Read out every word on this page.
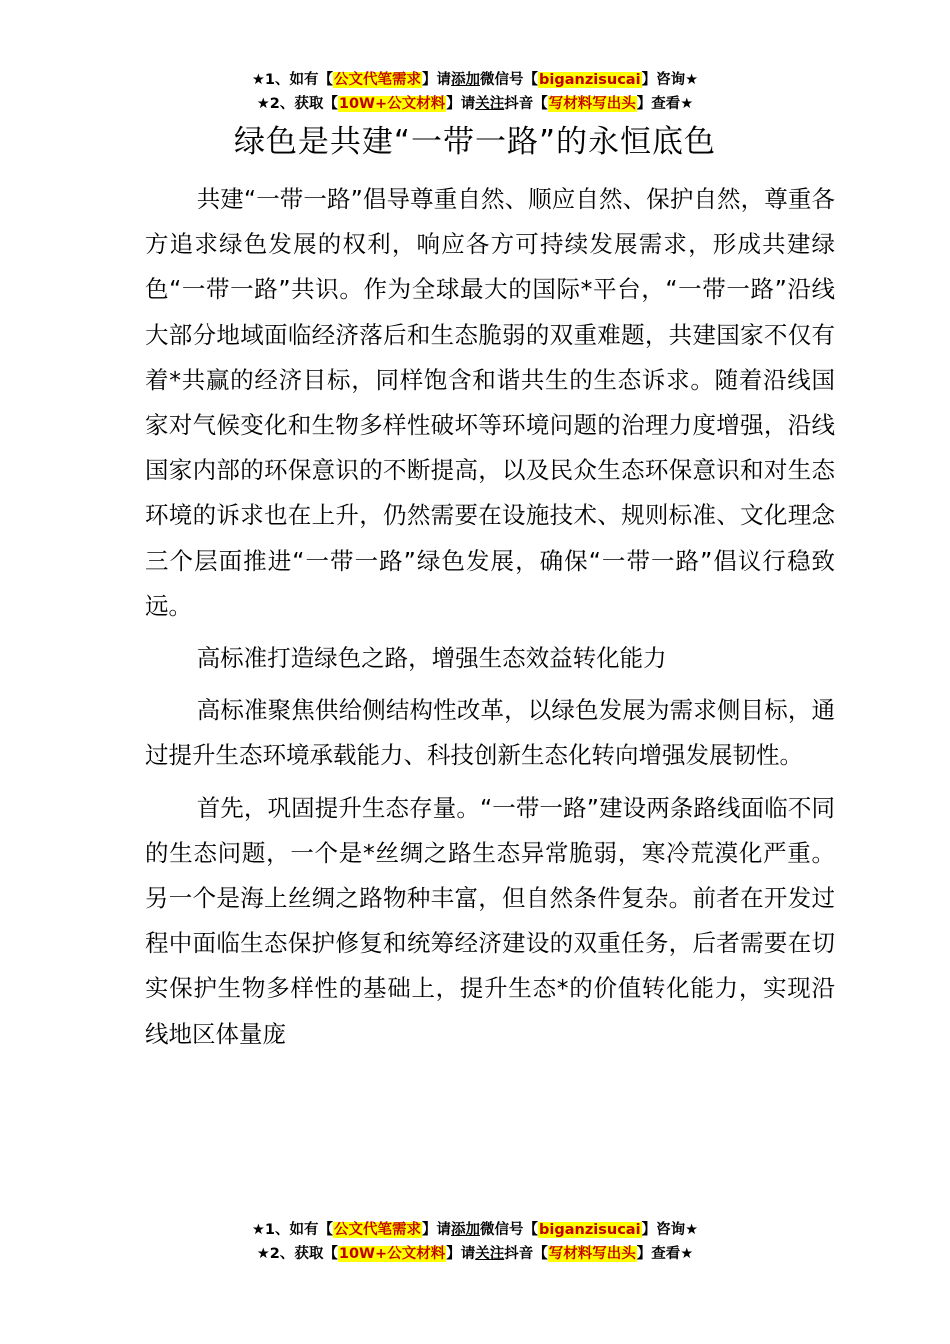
★1、如有【公文代笔需求】请添加微信号【biganzisucai】咨询★
★2、获取【10W+公文材料】请关注抖音【写材料写出头】查看★
绿色是共建“一带一路”的永恒底色

共建“一带一路”倡导尊重自然、顺应自然、保护自然，尊重各方追求绿色发展的权利，响应各方可持续发展需求，形成共建绿色“一带一路”共识。作为全球最大的国际*平台，“一带一路”沿线大部分地域面临经济落后和生态脆弱的双重难题，共建国家不仅有着*共赢的经济目标，同样饱含和谐共生的生态诉求。随着沿线国家对气候变化和生物多样性破坏等环境问题的治理力度增强，沿线国家内部的环保意识的不断提高，以及民众生态环保意识和对生态环境的诉求也在上升，仍然需要在设施技术、规则标准、文化理念三个层面推进“一带一路”绿色发展，确保“一带一路”倡议行稳致远。

高标准打造绿色之路，增强生态效益转化能力

高标准聚焦供给侧结构性改革，以绿色发展为需求侧目标，通过提升生态环境承载能力、科技创新生态化转向增强发展韧性。

首先，巩固提升生态存量。“一带一路”建设两条路线面临不同的生态问题，一个是*丝绸之路生态异常脆弱，寒冷荒漠化严重。另一个是海上丝绸之路物种丰富，但自然条件复杂。前者在开发过程中面临生态保护修复和统筹经济建设的双重任务，后者需要在切实保护生物多样性的基础上，提升生态*的价值转化能力，实现沿线地区体量庞

★1、如有【公文代笔需求】请添加微信号【biganzisucai】咨询★
★2、获取【10W+公文材料】请关注抖音【写材料写出头】查看★
